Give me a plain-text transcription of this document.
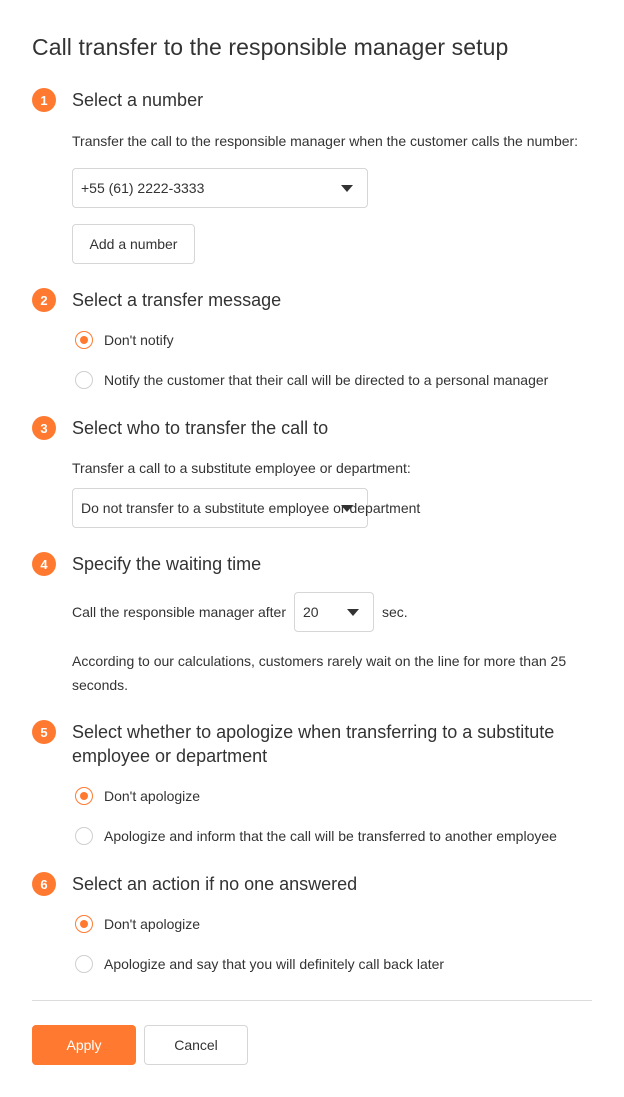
Call transfer to the responsible manager setup
1	Select a number
Transfer the call to the responsible manager when the customer calls the number:
+55 (61) 2222-3333
Add a number
2	Select a transfer message
Don't notify
Notify the customer that their call will be directed to a personal manager
3	Select who to transfer the call to
Transfer a call to a substitute employee or department:
Do not transfer to a substitute employee or department
4	Specify the waiting time
Call the responsible manager after 20	sec.
According to our calculations, customers rarely wait on the line for more than 25
seconds.
5	Select whether to apologize when transferring to a substitute
employee or department
Don't apologize
Apologize and inform that the call will be transferred to another employee
6	Select an action if no one answered
Don't apologize
Apologize and say that you will definitely call back later
Apply	Cancel
